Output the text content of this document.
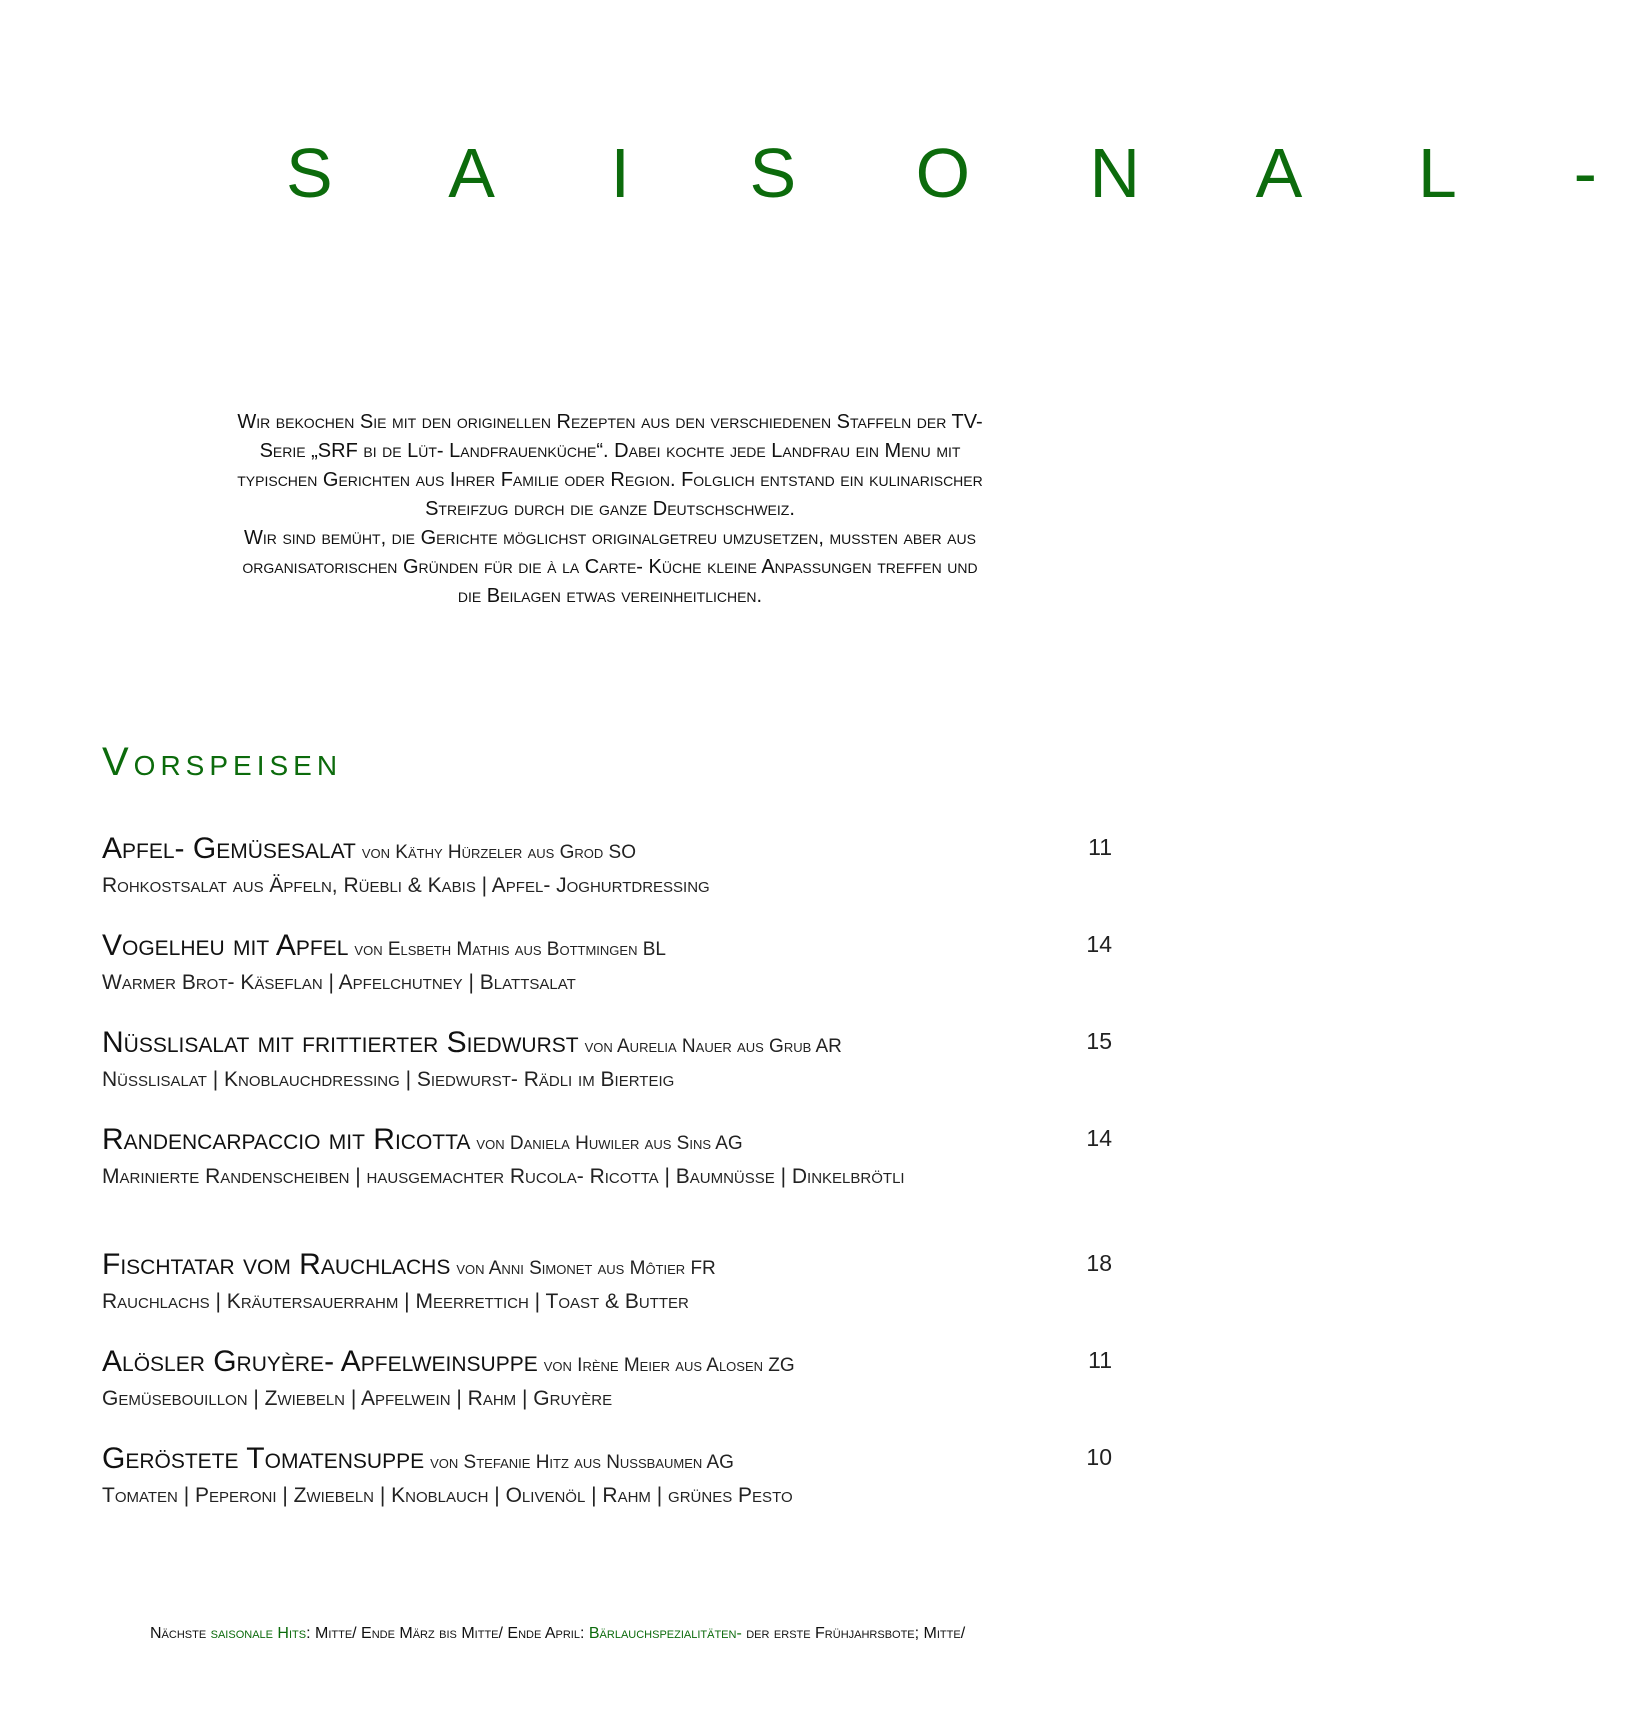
S A I S O N A L -

Wir bekochen Sie mit den originellen Rezepten aus den verschiedenen Staffeln der TV-

Serie „SRF bi de Lüt- Landfrauenküche“. Dabei kochte jede Landfrau ein Menu mit

typischen Gerichten aus Ihrer Familie oder Region. Folglich entstand ein kulinarischer

Streifzug durch die ganze Deutschschweiz.

Wir sind bemüht, die Gerichte möglichst originalgetreu umzusetzen, mussten aber aus

organisatorischen Gründen für die à la Carte- Küche kleine Anpassungen treffen und

die Beilagen etwas vereinheitlichen.

Vorspeisen
Apfel- Gemüsesalat von Käthy Hürzeler aus Grod SO
Rohkostsalat aus Äpfeln, Rüebli & Kabis | Apfel- Joghurtdressing
11
Vogelheu mit Apfel von Elsbeth Mathis aus Bottmingen BL
Warmer Brot- Käseflan | Apfelchutney | Blattsalat
14
Nüsslisalat mit frittierter Siedwurst von Aurelia Nauer aus Grub AR
Nüsslisalat | Knoblauchdressing | Siedwurst- Rädli im Bierteig
15
Randencarpaccio mit Ricotta von Daniela Huwiler aus Sins AG
Marinierte Randenscheiben | hausgemachter Rucola- Ricotta | Baumnüsse | Dinkelbrötli
14
Fischtatar vom Rauchlachs von Anni Simonet aus Môtier FR
Rauchlachs | Kräutersauerrahm | Meerrettich | Toast & Butter
18
Alösler Gruyère- Apfelweinsuppe von Irène Meier aus Alosen ZG
Gemüsebouillon | Zwiebeln | Apfelwein | Rahm | Gruyère
11
Geröstete Tomatensuppe von Stefanie Hitz aus Nussbaumen AG
Tomaten | Peperoni | Zwiebeln | Knoblauch | Olivenöl | Rahm | grünes Pesto
10
Nächste saisonale Hits: Mitte/ Ende März bis Mitte/ Ende April: Bärlauchspezialitäten- der erste Frühjahrsbote; Mitte/
